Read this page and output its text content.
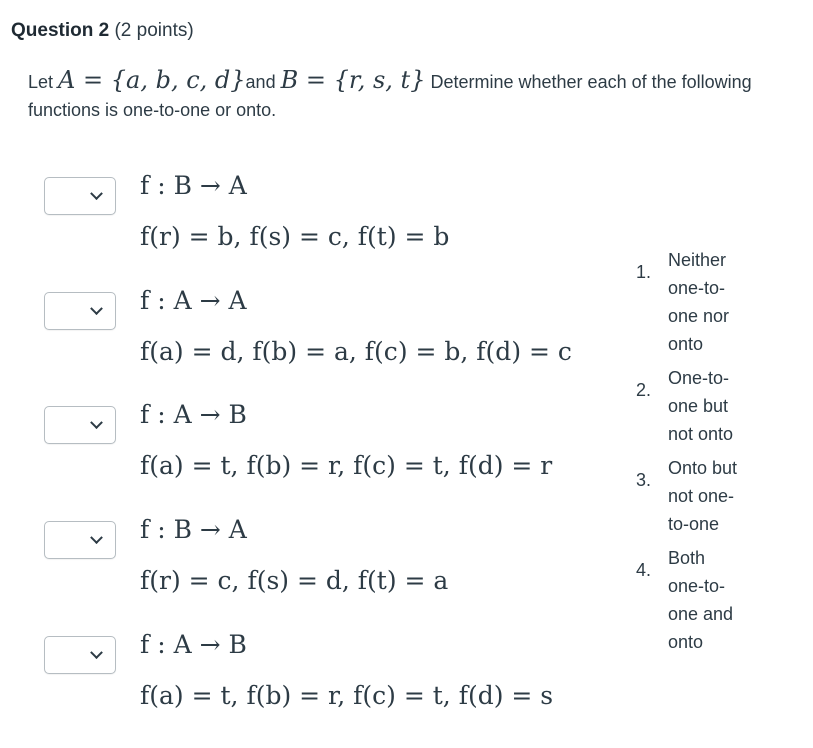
Question 2 (2 points)
Let A = {a, b, c, d}and B = {r, s, t} Determine whether each of the following functions is one-to-one or onto.
f : B → A
f(r) = b, f(s) = c, f(t) = b
f : A → A
f(a) = d, f(b) = a, f(c) = b, f(d) = c
f : A → B
f(a) = t, f(b) = r, f(c) = t, f(d) = r
f : B → A
f(r) = c, f(s) = d, f(t) = a
f : A → B
f(a) = t, f(b) = r, f(c) = t, f(d) = s
1.
Neither
one-to-
one nor
onto
2.
One-to-
one but
not onto
3.
Onto but
not one-
to-one
4.
Both
one-to-
one and
onto
